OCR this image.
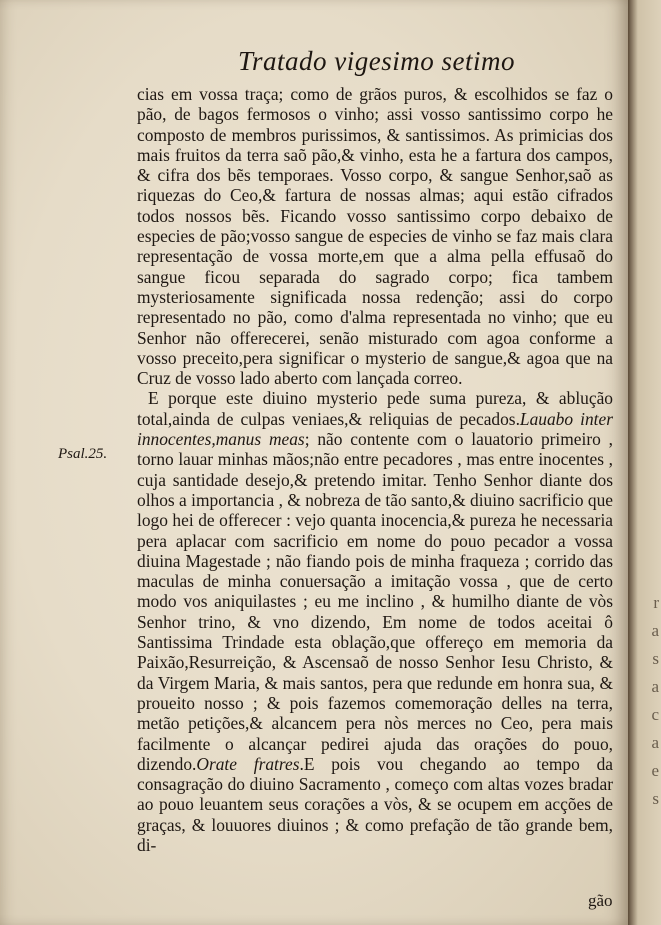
Tratado vigesimo setimo
Psal.25.

cias em vossa traça; como de grãos puros, & escolhidos se faz o pão, de bagos fermosos o vinho; assi vosso santissimo corpo he composto de membros purissimos, & santissimos. As primicias dos mais fruitos da terra saõ pão,& vinho, esta he a fartura dos campos, & cifra dos bẽs temporaes. Vosso corpo, & sangue Senhor,saõ as riquezas do Ceo,& fartura de nossas almas; aqui estão cifrados todos nossos bẽs. Ficando vosso santissimo corpo debaixo de especies de pão;vosso sangue de especies de vinho se faz mais clara representação de vossa morte,em que a alma pella effusaõ do sangue ficou separada do sagrado corpo; fica tambem mysteriosamente significada nossa redenção; assi do corpo representado no pão, como d'alma representada no vinho; que eu Senhor não offerecerei, senão misturado com agoa conforme a vosso preceito,pera significar o mysterio de sangue,& agoa que na Cruz de vosso lado aberto com lançada correo.

E porque este diuino mysterio pede suma pureza, & ablução total,ainda de culpas veniaes,& reliquias de pecados.Lauabo inter innocentes,manus meas; não contente com o lauatorio primeiro , torno lauar minhas mãos;não entre pecadores , mas entre inocentes , cuja santidade desejo,& pretendo imitar. Tenho Senhor diante dos olhos a importancia , & nobreza de tão santo,& diuino sacrificio que logo hei de offerecer : vejo quanta inocencia,& pureza he necessaria pera aplacar com sacrificio em nome do pouo pecador a vossa diuina Magestade ; não fiando pois de minha fraqueza ; corrido das maculas de minha conuersação a imitação vossa , que de certo modo vos aniquilastes ; eu me inclino , & humilho diante de vòs Senhor trino, & vno dizendo, Em nome de todos aceitai ô Santissima Trindade esta oblação,que offereço em memoria da Paixão,Resurreição, & Ascensaõ de nosso Senhor Iesu Christo, & da Virgem Maria, & mais santos, pera que redunde em honra sua, & proueito nosso ; & pois fazemos comemoração delles na terra, metão petições,& alcancem pera nòs merces no Ceo, pera mais facilmente o alcançar pedirei ajuda das orações do pouo, dizendo.Orate fratres.E pois vou chegando ao tempo da consagração do diuino Sacramento , começo com altas vozes bradar ao pouo leuantem seus corações a vòs, & se ocupem em acções de graças, & louuores diuinos ; & como prefação de tão grande bem, di-

gão
r
a
s
a
c
a
e
s
